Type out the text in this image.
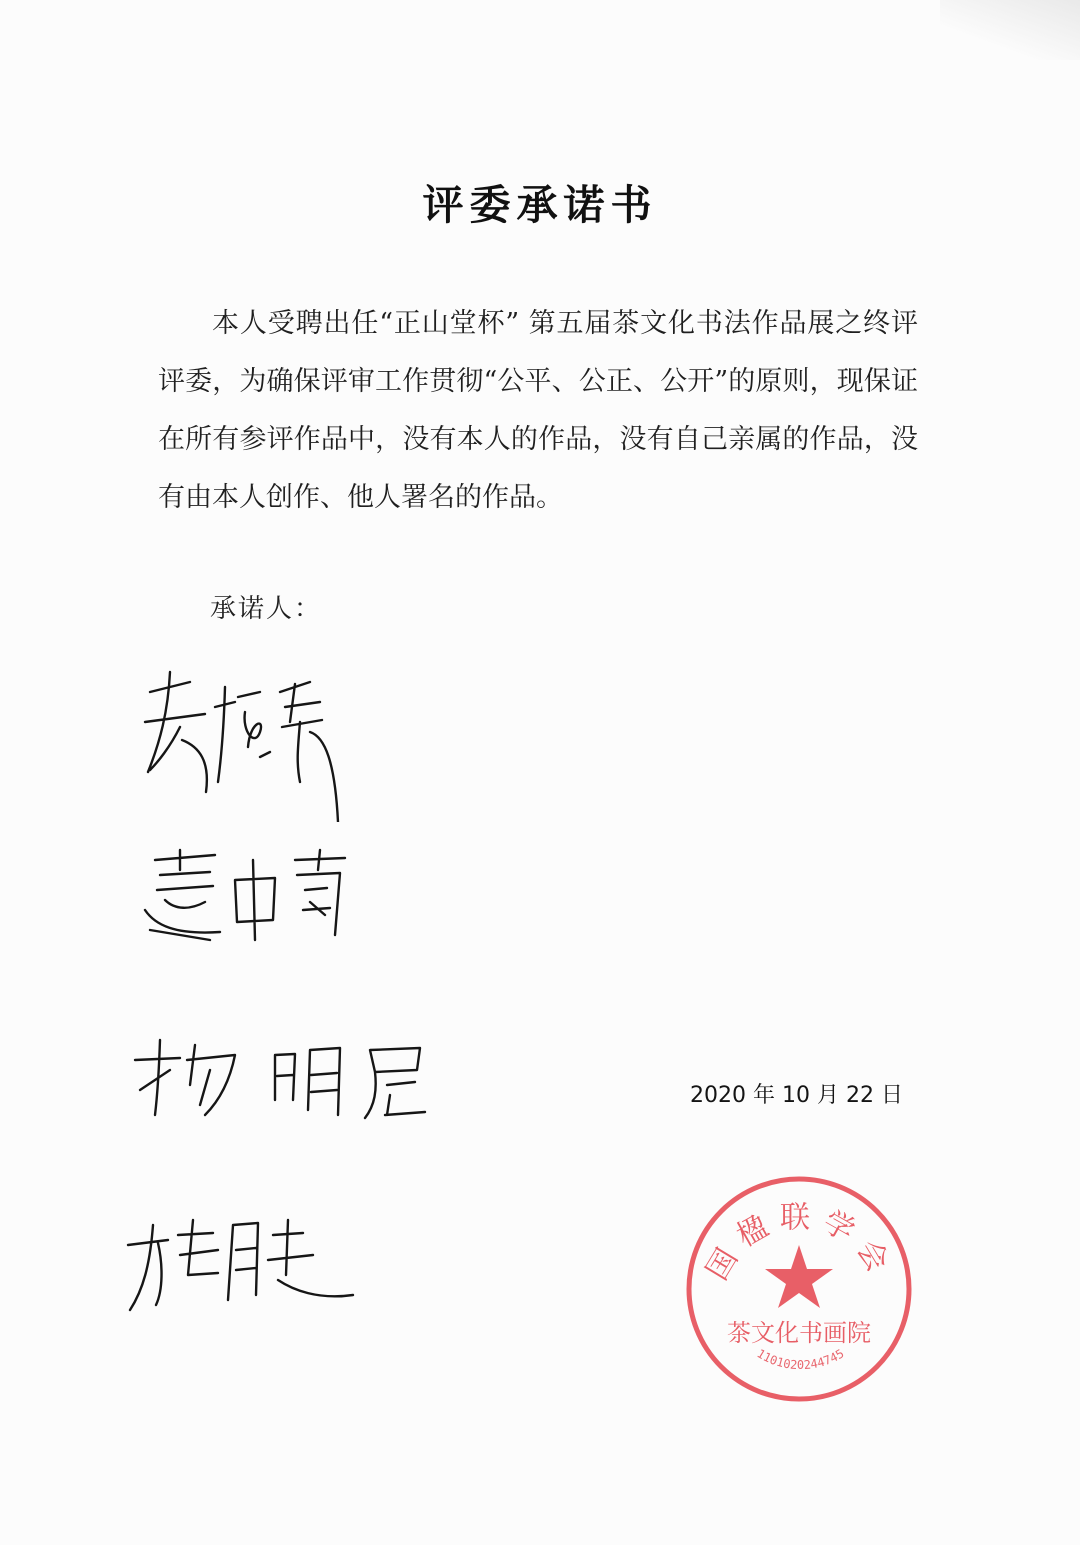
评委承诺书

本人受聘出任“正山堂杯” 第五届茶文化书法作品展之终评评委，为确保评审工作贯彻“公平、公正、公开”的原则，现保证在所有参评作品中，没有本人的作品，没有自己亲属的作品，没有由本人创作、他人署名的作品。

承诺人：
国楹联学会
茶文化书画院
1101020244745
2020 年 10 月 22 日
